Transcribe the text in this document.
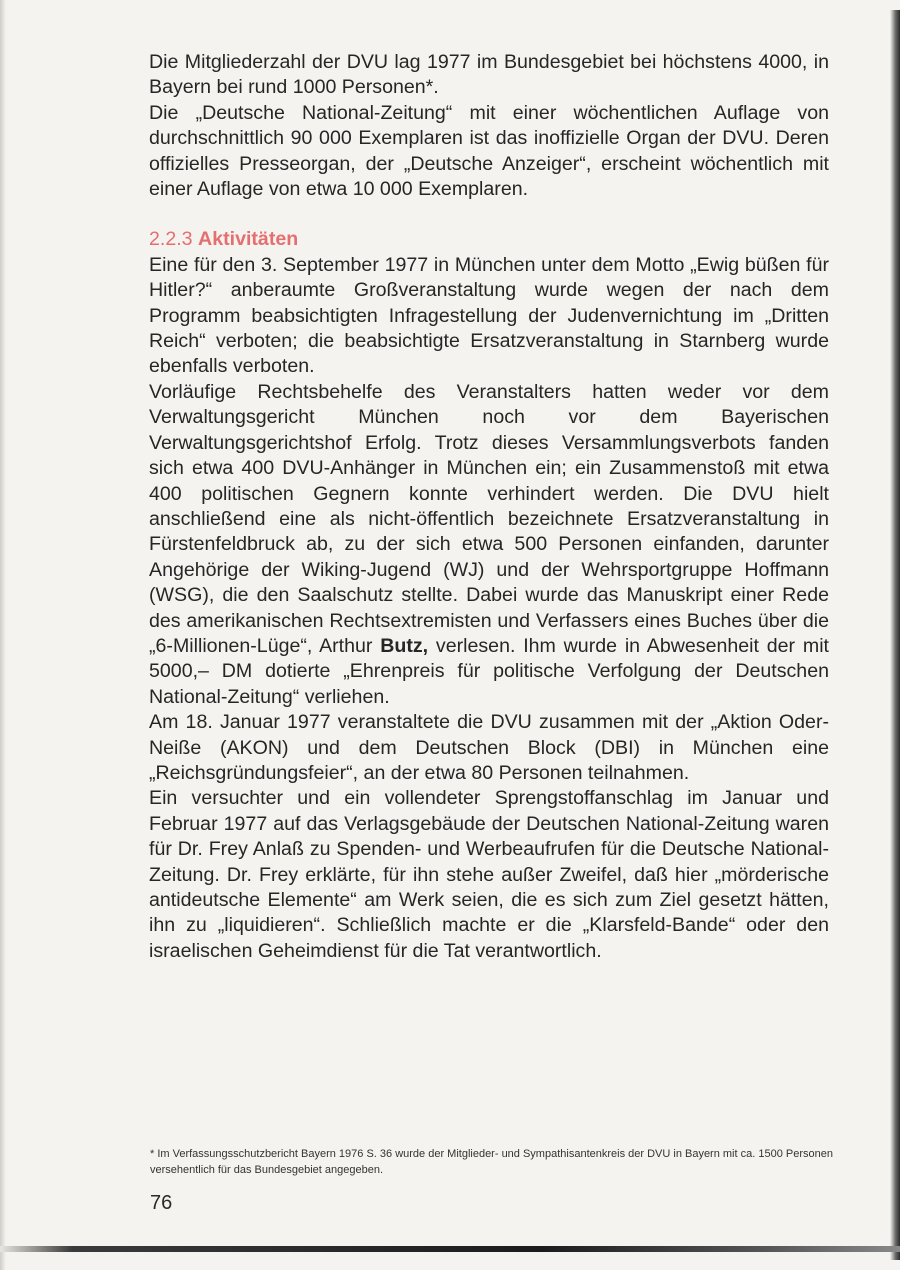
Die Mitgliederzahl der DVU lag 1977 im Bundesgebiet bei höchstens 4000, in Bayern bei rund 1000 Personen*.

Die „Deutsche National-Zeitung“ mit einer wöchentlichen Auflage von durchschnittlich 90 000 Exemplaren ist das inoffizielle Organ der DVU. Deren offizielles Presseorgan, der „Deutsche Anzeiger“, erscheint wöchentlich mit einer Auflage von etwa 10 000 Exemplaren.

2.2.3 Aktivitäten

Eine für den 3. September 1977 in München unter dem Motto „Ewig büßen für Hitler?“ anberaumte Großveranstaltung wurde wegen der nach dem Programm beabsichtigten Infragestellung der Judenvernichtung im „Dritten Reich“ verboten; die beabsichtigte Ersatzveranstaltung in Starnberg wurde ebenfalls verboten.

Vorläufige Rechtsbehelfe des Veranstalters hatten weder vor dem Verwaltungsgericht München noch vor dem Bayerischen Verwaltungsgerichtshof Erfolg. Trotz dieses Versammlungsverbots fanden sich etwa 400 DVU-Anhänger in München ein; ein Zusammenstoß mit etwa 400 politischen Gegnern konnte verhindert werden. Die DVU hielt anschließend eine als nicht-öffentlich bezeichnete Ersatzveranstaltung in Fürstenfeldbruck ab, zu der sich etwa 500 Personen einfanden, darunter Angehörige der Wiking-Jugend (WJ) und der Wehrsportgruppe Hoffmann (WSG), die den Saalschutz stellte. Dabei wurde das Manuskript einer Rede des amerikanischen Rechtsextremisten und Verfassers eines Buches über die „6-Millionen-Lüge“, Arthur Butz, verlesen. Ihm wurde in Abwesenheit der mit 5000,– DM dotierte „Ehrenpreis für politische Verfolgung der Deutschen National-Zeitung“ verliehen.

Am 18. Januar 1977 veranstaltete die DVU zusammen mit der „Aktion Oder-Neiße (AKON) und dem Deutschen Block (DBI) in München eine „Reichsgründungsfeier“, an der etwa 80 Personen teilnahmen.

Ein versuchter und ein vollendeter Sprengstoffanschlag im Januar und Februar 1977 auf das Verlagsgebäude der Deutschen National-Zeitung waren für Dr. Frey Anlaß zu Spenden- und Werbeaufrufen für die Deutsche National-Zeitung. Dr. Frey erklärte, für ihn stehe außer Zweifel, daß hier „mörderische antideutsche Elemente“ am Werk seien, die es sich zum Ziel gesetzt hätten, ihn zu „liquidieren“. Schließlich machte er die „Klarsfeld-Bande“ oder den israelischen Geheimdienst für die Tat verantwortlich.

* Im Verfassungsschutzbericht Bayern 1976 S. 36 wurde der Mitglieder- und Sympathisantenkreis der DVU in Bayern mit ca. 1500 Personen versehentlich für das Bundesgebiet angegeben.
76
